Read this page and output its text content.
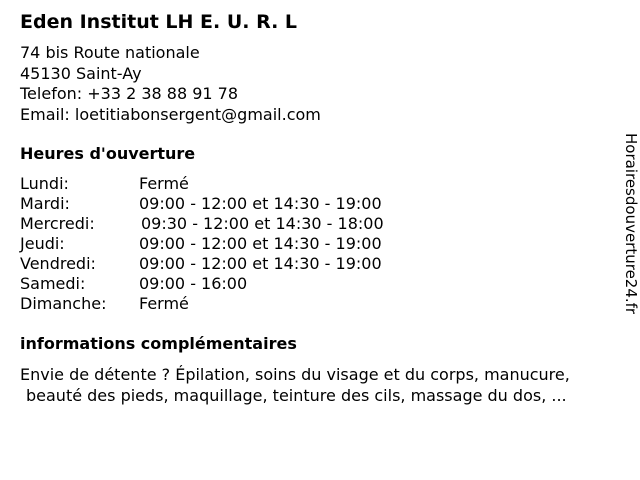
Eden Institut LH E. U. R. L
74 bis Route nationale
45130 Saint-Ay
Telefon: +33 2 38 88 91 78
Email: loetitiabonsergent@gmail.com
Heures d'ouverture
Lundi:	Fermé
Mardi:	09:00 - 12:00 et 14:30 - 19:00
Mercredi:	09:30 - 12:00 et 14:30 - 18:00
Jeudi:	09:00 - 12:00 et 14:30 - 19:00
Vendredi:	09:00 - 12:00 et 14:30 - 19:00
Samedi:	09:00 - 16:00
Dimanche: Fermé
informations complémentaires
Envie de détente ? Épilation, soins du visage et du corps, manucure,
beauté des pieds, maquillage, teinture des cils, massage du dos, ...
Horairesdouverture24.fr
